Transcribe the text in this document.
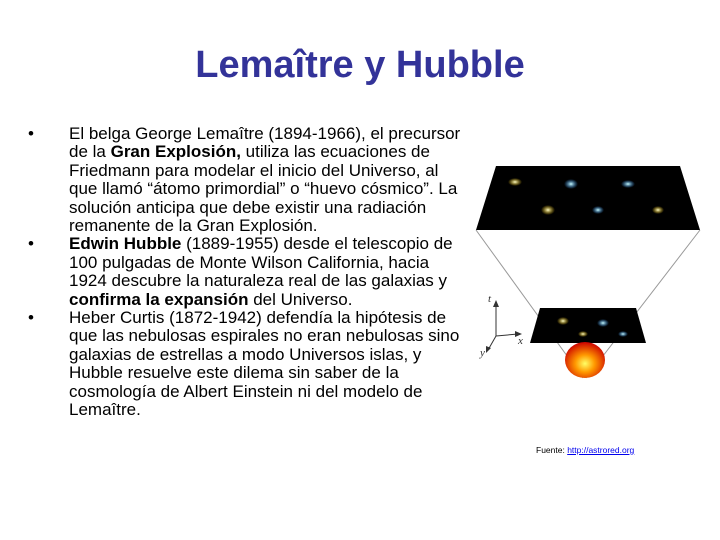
Lemaître y Hubble
• El belga George Lemaître (1894-1966), el precursor de la Gran Explosión, utiliza las ecuaciones de Friedmann para modelar el inicio del Universo, al que llamó “átomo primordial” o “huevo cósmico”. La solución anticipa que debe existir una radiación remanente de la Gran Explosión.
• Edwin Hubble (1889-1955) desde el telescopio de 100 pulgadas de Monte Wilson California, hacia 1924 descubre la naturaleza real de las galaxias y confirma la expansión del Universo.
• Heber Curtis (1872-1942) defendía la hipótesis de que las nebulosas espirales no eran nebulosas sino galaxias de estrellas a modo Universos islas, y Hubble resuelve este dilema sin saber de la cosmología de Albert Einstein ni del modelo de Lemaître.
t
x
y
Fuente: http://astrored.org
